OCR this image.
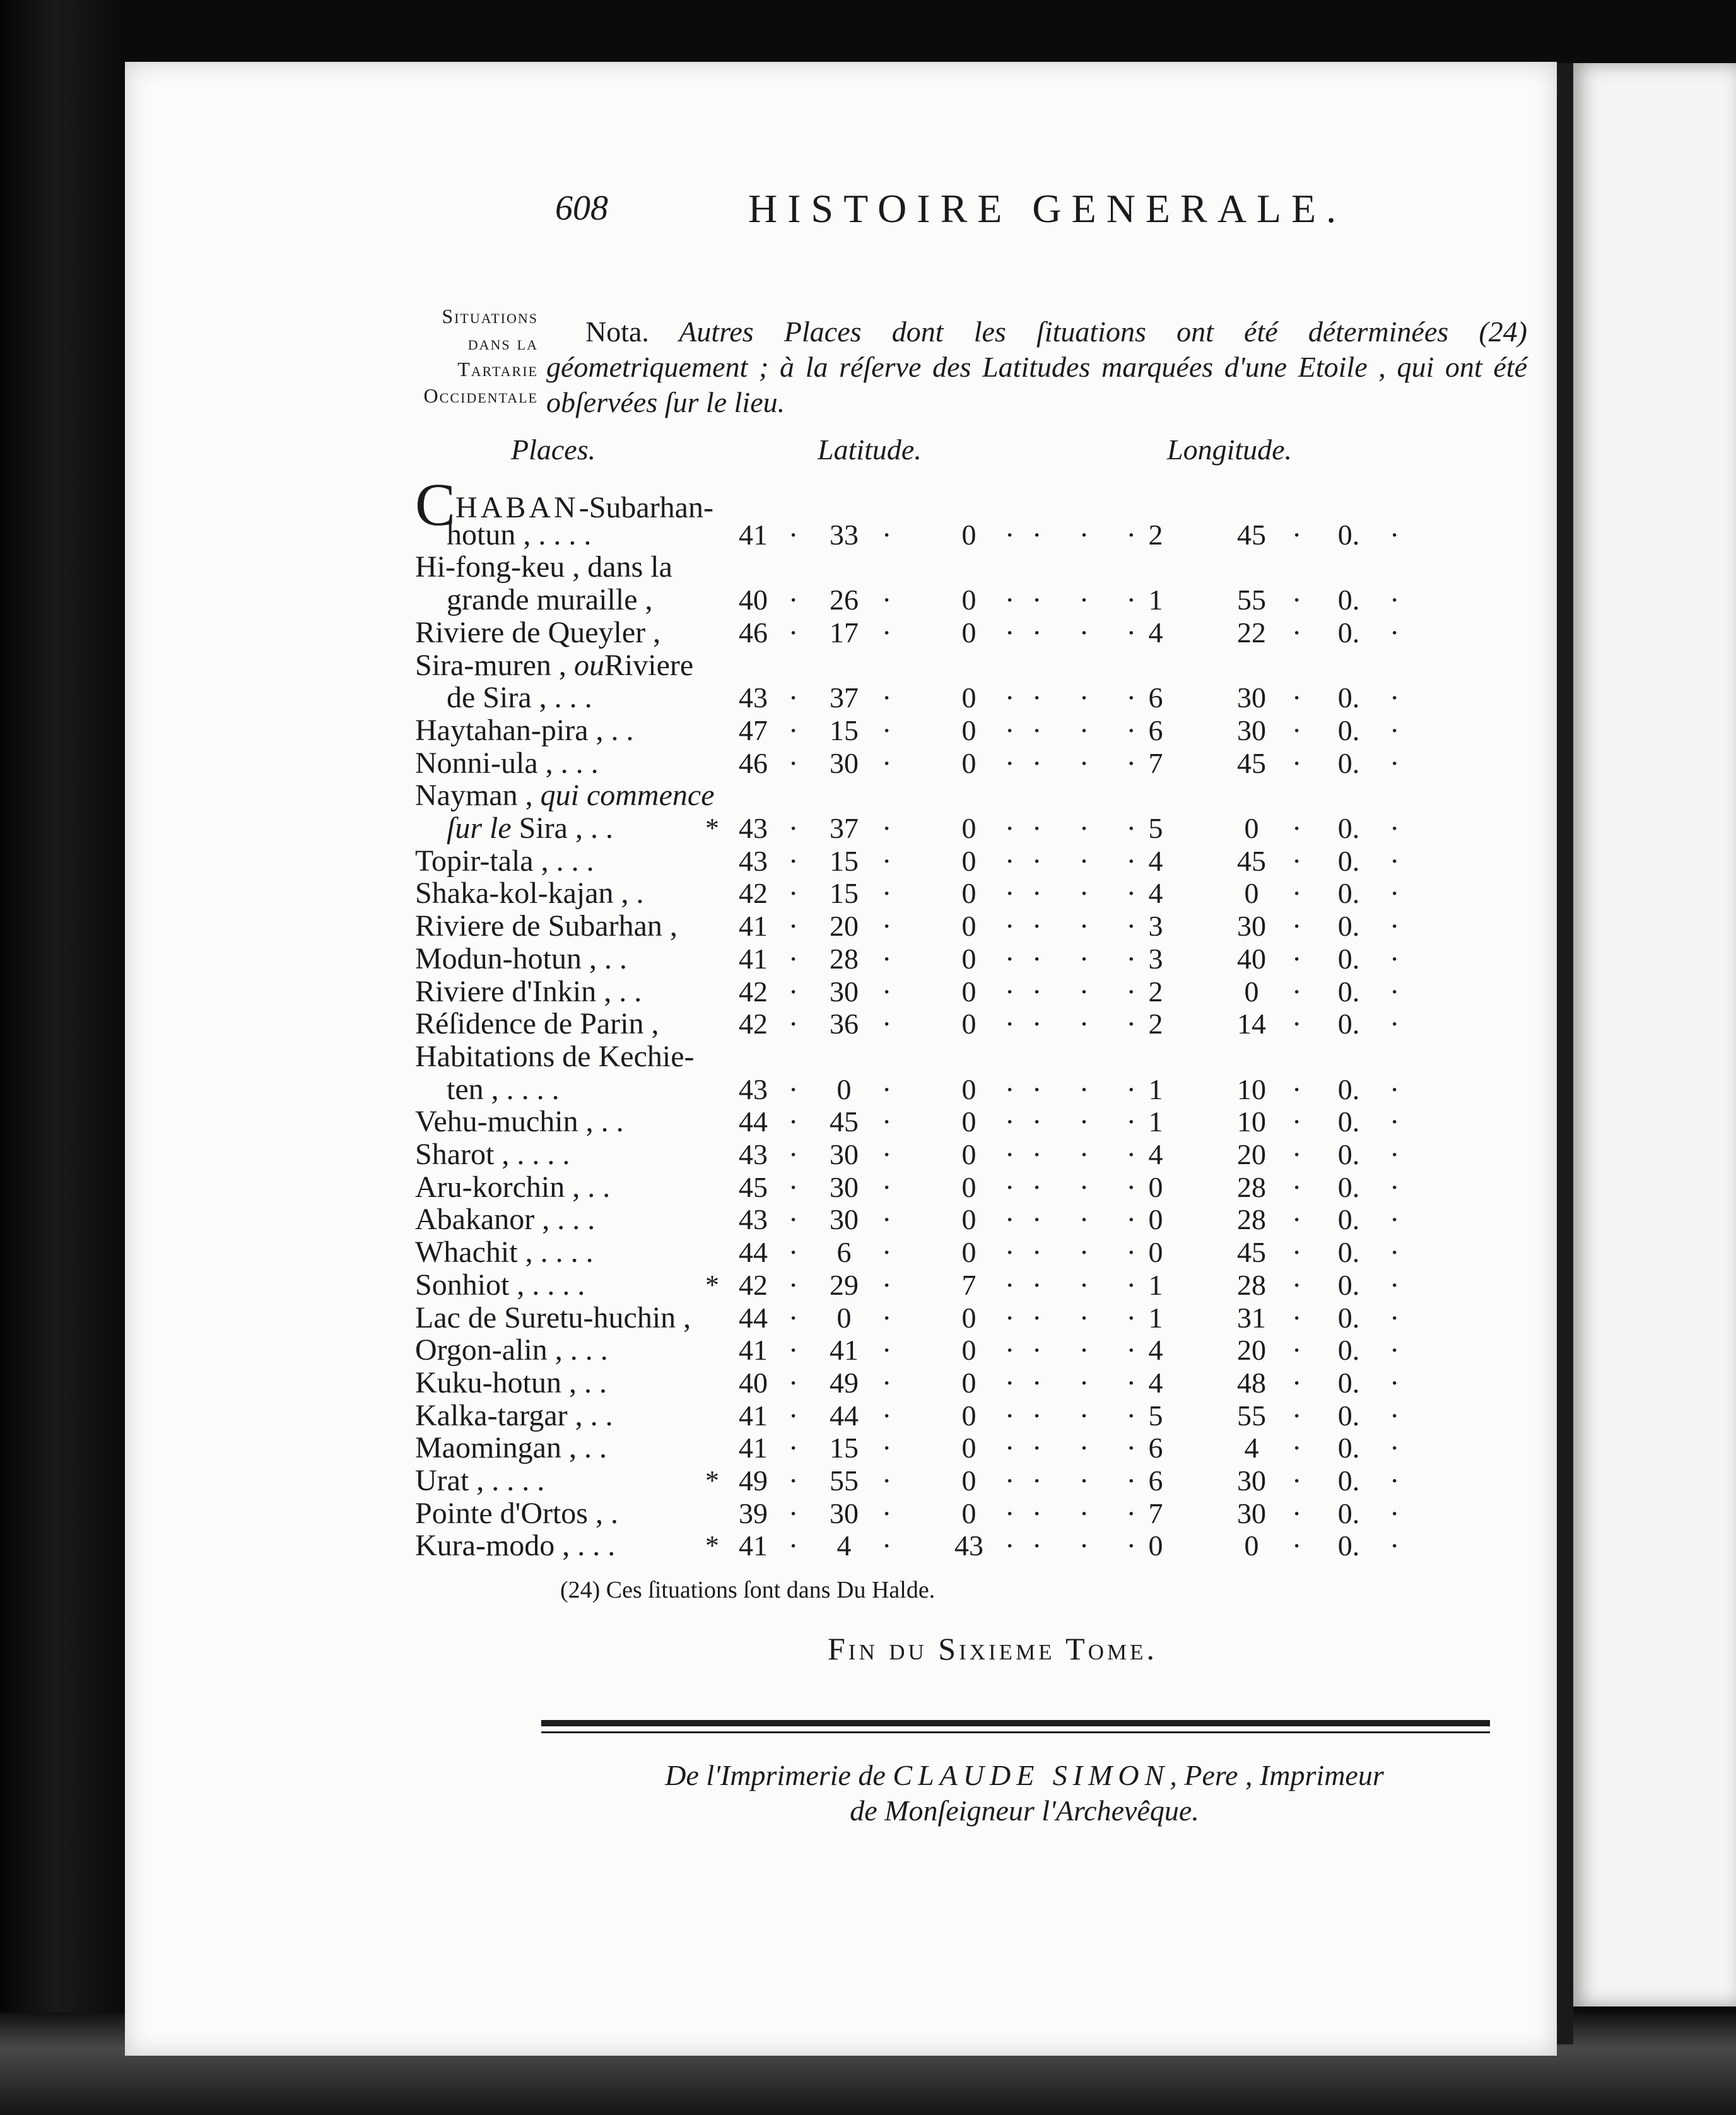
608	HISTOIRE GENERALE.
Situations
dans la
Tartarie
Occidentale
Nota. Autres Places dont les ſituations ont été déterminées (24) géometriquement ; à la réſerve des Latitudes marquées d'une Etoile , qui ont été obſervées ſur le lieu.
Places.	Latitude.	Longitude.
CHABAN-Subarhan-
hotun , . . . .	41	33	0	2	45	0.
· ·	·	·	·
· · ·
Hi-fong-keu , dans la
grande muraille ,	40	26	0	1	55	0.
· ·	·	·	·
· · ·
Riviere de Queyler ,	46	17	0	4	22	0.
· ·	·	·	·
· · ·
Sira-muren , ouRiviere
de Sira , . . .	43	37	0	6	30	0.
· ·	·	·	·
· · ·
Haytahan-pira , . .	47	15	0	6	30	0.
· ·	·	·	·
· · ·
Nonni-ula , . . .	46	30	0	7	45	0.
· ·	·	·	·
· · ·
Nayman , qui commence
ſur le Sira , . .	* 43	37	0	5	0	0.
· ·	·	·	·
· · ·
Topir-tala , . . .	43	15	0	4	45	0.
· ·	·	·	·
· · ·
Shaka-kol-kajan , .	42	15	0	4	0	0.
· ·	·	·	·
· · ·
Riviere de Subarhan ,	41	20	0	3	30	0.
· ·	·	·	·
· · ·
Modun-hotun , . .	41	28	0	3	40	0.
· ·	·	·	·
· · ·
Riviere d'Inkin , . .	42	30	0	2	0	0.
· ·	·	·	·
· · ·
Réſidence de Parin ,	42	36	0	2	14	0.
· ·	·	·	·
· · ·
Habitations de Kechie-
ten , . . . .	43	0	0	1	10	0.
· ·	·	·	·
· · ·
Vehu-muchin , . .	44	45	0	1	10	0.
· ·	·	·	·
· · ·
Sharot , . . . .	43	30	0	4	20	0.
· ·	·	·	·
· · ·
Aru-korchin , . .	45	30	0	0	28	0.
· ·	·	·	·
· · ·
Abakanor , . . .	43	30	0	0	28	0.
· ·	·	·	·
· · ·
Whachit , . . . .	44	6	0	0	45	0.
· ·	·	·	·
· · ·
Sonhiot , . . . .	* 42	29	7	1	28	0.
· ·	·	·	·
· · ·
Lac de Suretu-huchin ,	44	0	0	1	31	0.
· ·	·	·	·
· · ·
Orgon-alin , . . .	41	41	0	4	20	0.
· ·	·	·	·
· · ·
Kuku-hotun , . .	40	49	0	4	48	0.
· ·	·	·	·
· · ·
Kalka-targar , . .	41	44	0	5	55	0.
· ·	·	·	·
· · ·
Maomingan , . .	41	15	0	6	4	0.
· ·	·	·	·
· · ·
Urat , . . . .	* 49	55	0	6	30	0.
· ·	·	·	·
· · ·
Pointe d'Ortos , .	39	30	0	7	30	0.
· ·	·	·	·
· · ·
Kura-modo , . . .	* 41	4	43	0	0	0.
· ·	·	·	·
· · ·
(24) Ces ſituations ſont dans Du Halde.
Fin du Sixieme Tome.
De l'Imprimerie de CLAUDE SIMON, Pere , Imprimeur
de Monſeigneur l'Archevêque.
